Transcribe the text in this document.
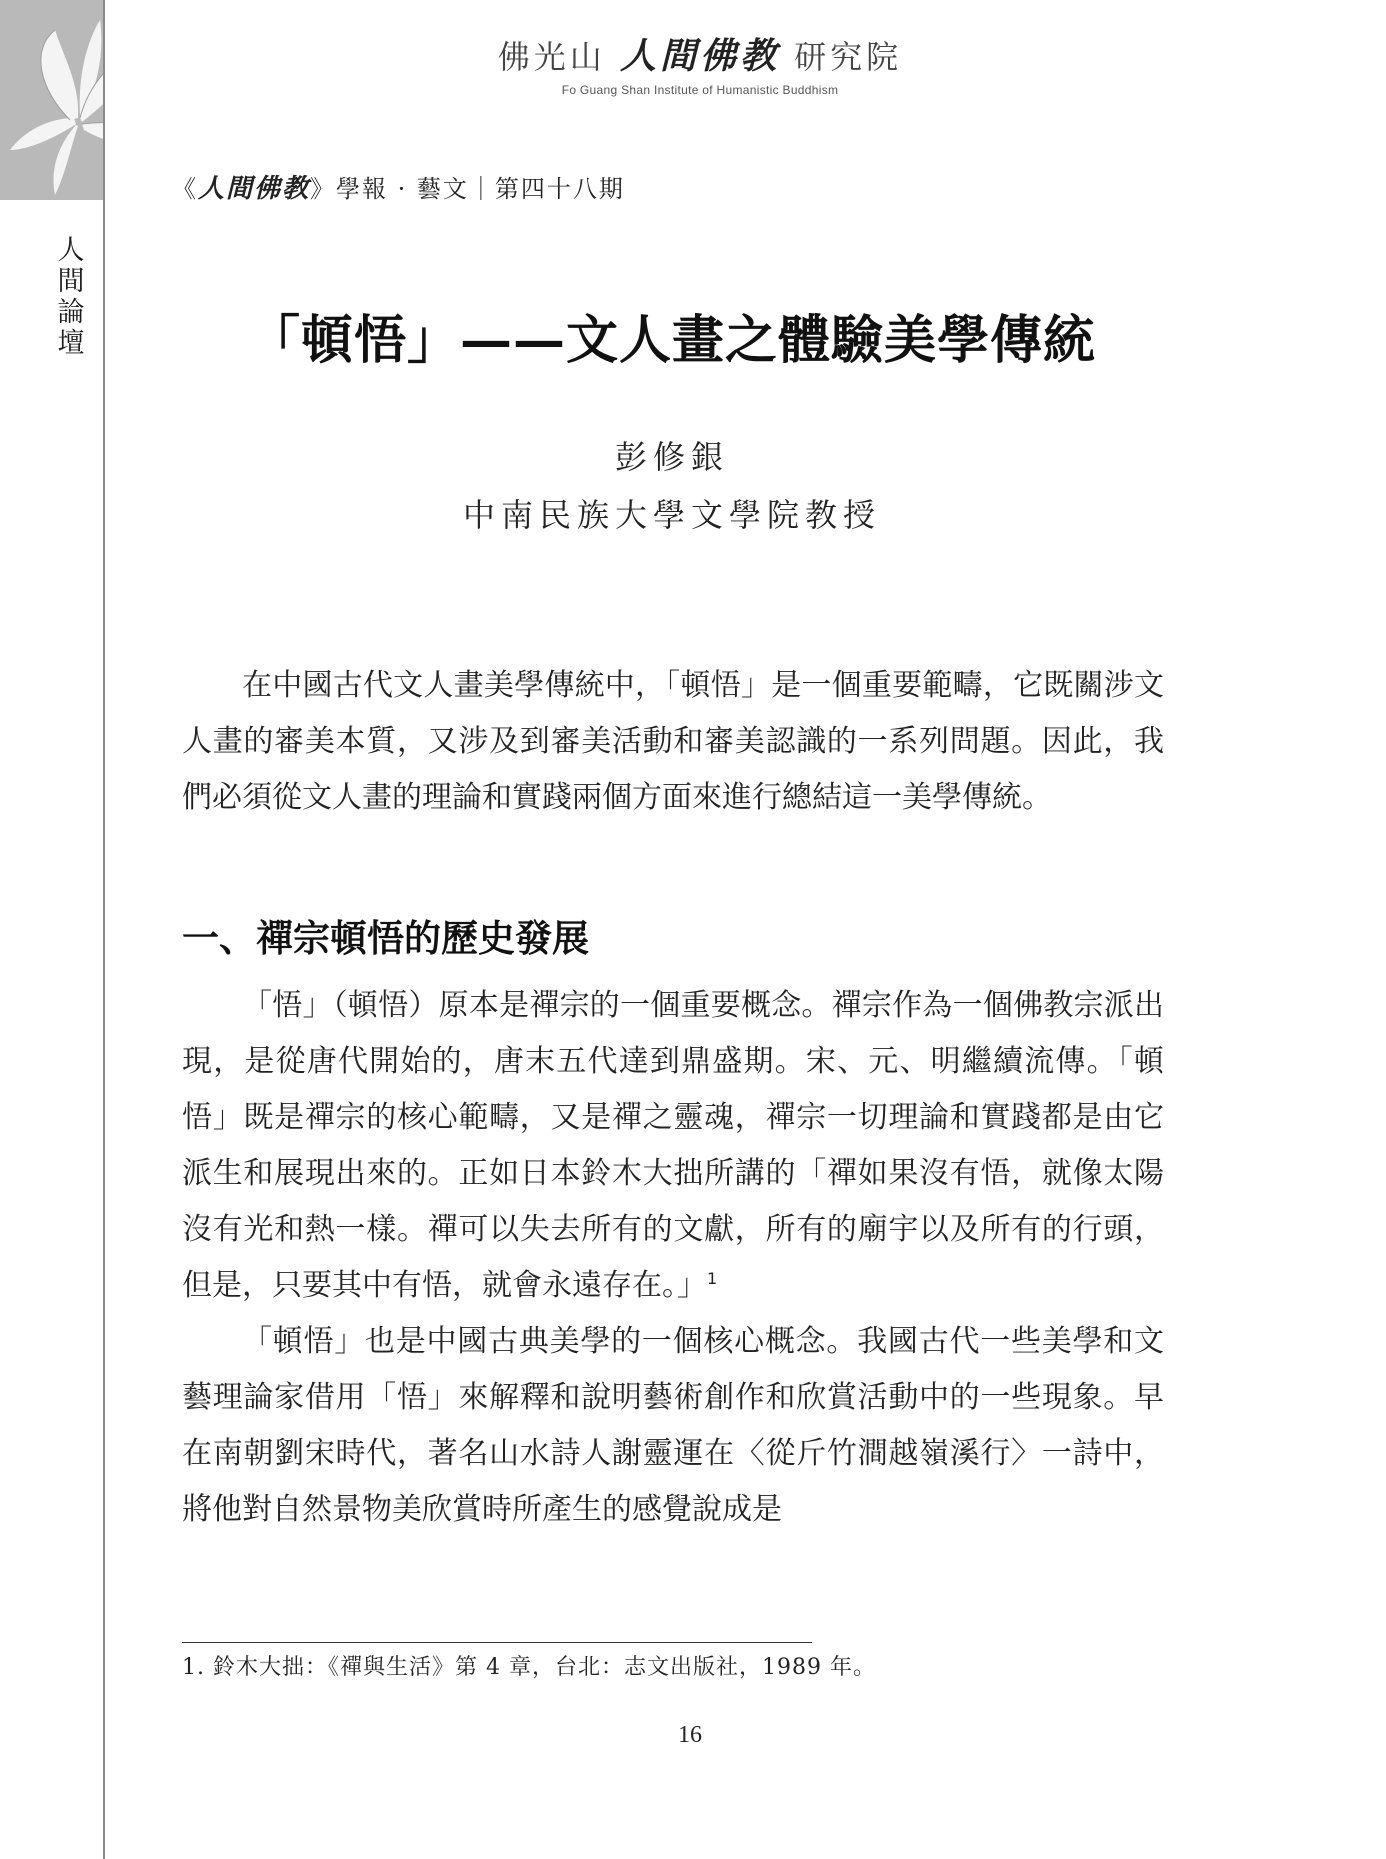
人
間
論
壇
佛光山 人間佛教 研究院
Fo Guang Shan Institute of Humanistic Buddhism
《人間佛教》學報 · 藝文｜第四十八期
「頓悟」——文人畫之體驗美學傳統
彭修銀
中南民族大學文學院教授

在中國古代文人畫美學傳統中，「頓悟」是一個重要範疇，它既關涉文人畫的審美本質，又涉及到審美活動和審美認識的一系列問題。因此，我們必須從文人畫的理論和實踐兩個方面來進行總結這一美學傳統。

一、禪宗頓悟的歷史發展

「悟」（頓悟）原本是禪宗的一個重要概念。禪宗作為一個佛教宗派出現，是從唐代開始的，唐末五代達到鼎盛期。宋、元、明繼續流傳。「頓悟」既是禪宗的核心範疇，又是禪之靈魂，禪宗一切理論和實踐都是由它派生和展現出來的。正如日本鈴木大拙所講的「禪如果沒有悟，就像太陽沒有光和熱一樣。禪可以失去所有的文獻，所有的廟宇以及所有的行頭，但是，只要其中有悟，就會永遠存在。」$^1$

「頓悟」也是中國古典美學的一個核心概念。我國古代一些美學和文藝理論家借用「悟」來解釋和說明藝術創作和欣賞活動中的一些現象。早在南朝劉宋時代，著名山水詩人謝靈運在〈從斤竹澗越嶺溪行〉一詩中，將他對自然景物美欣賞時所產生的感覺說成是

1. 鈴木大拙：《禪與生活》第 4 章，台北：志文出版社，1989 年。
16
